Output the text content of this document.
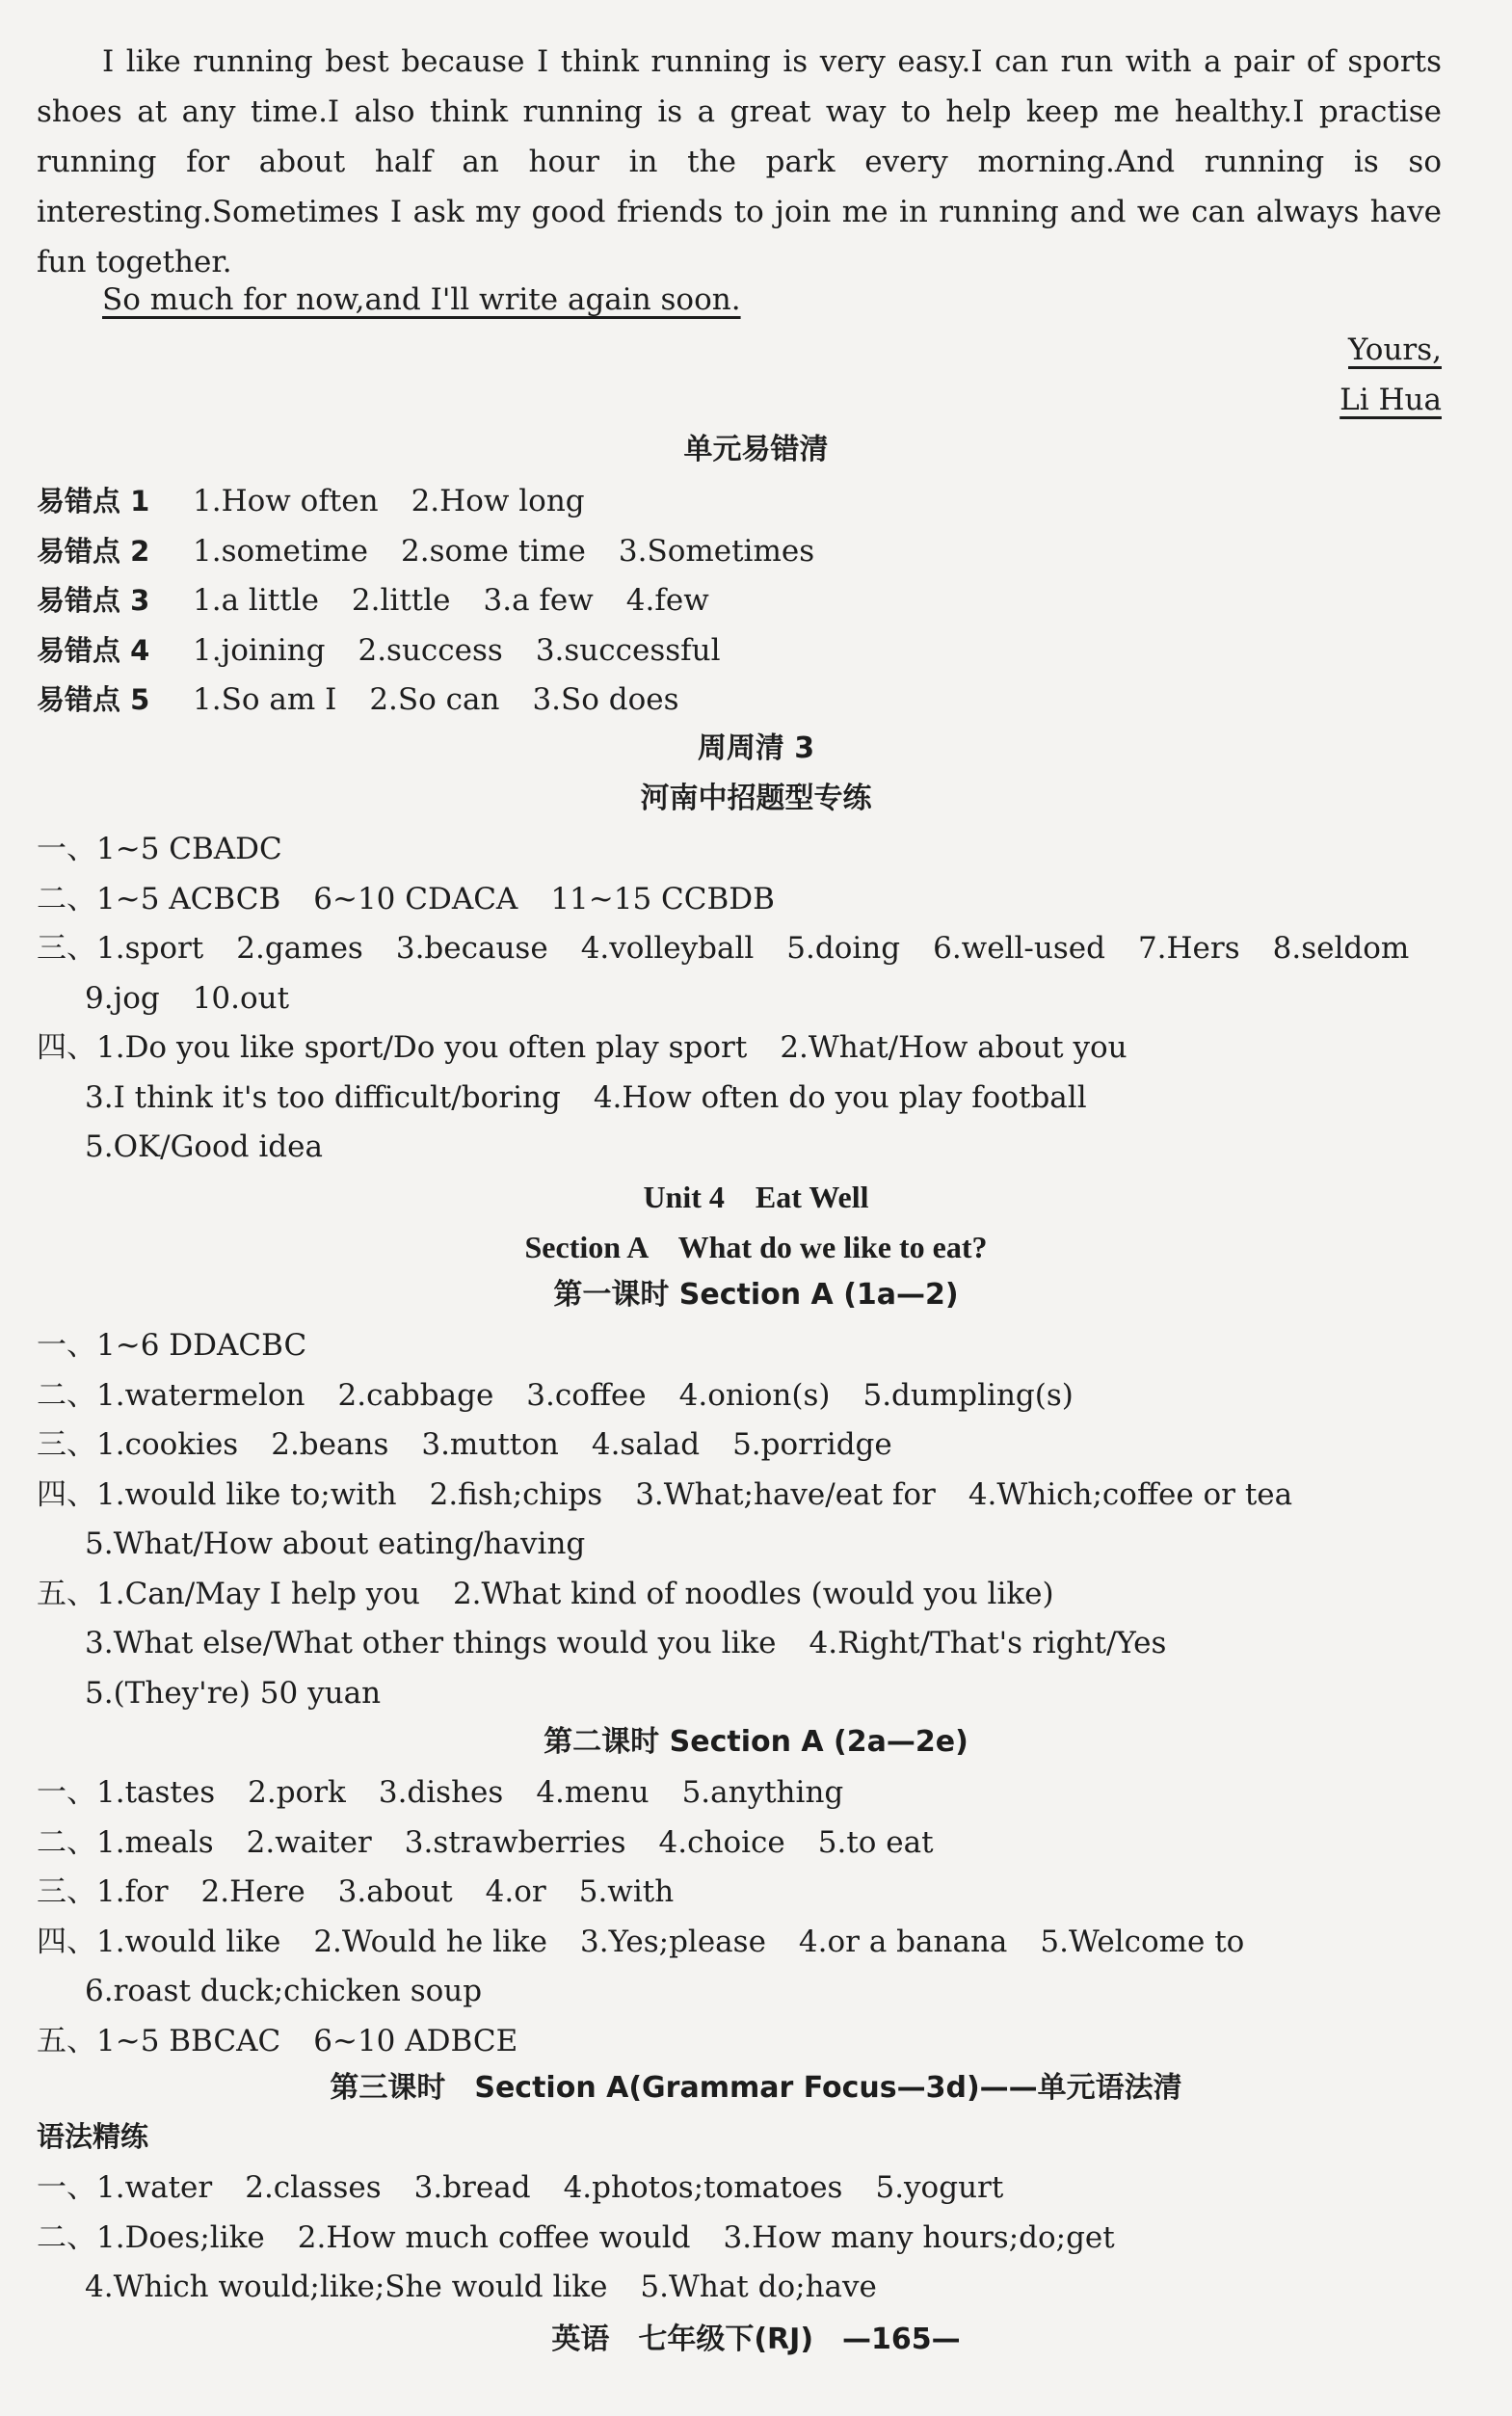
I like running best because I think running is very easy.I can run with a pair of sports shoes at any time.I also think running is a great way to help keep me healthy.I practise running for about half an hour in the park every morning.And running is so interesting.Sometimes I ask my good friends to join me in running and we can always have fun together.
So much for now,and I'll write again soon.
Yours,
Li Hua
单元易错清
易错点 1 1.How often 2.How long
易错点 2 1.sometime 2.some time 3.Sometimes
易错点 3 1.a little 2.little 3.a few 4.few
易错点 4 1.joining 2.success 3.successful
易错点 5 1.So am I 2.So can 3.So does
周周清 3
河南中招题型专练
一、1~5 CBADC
二、1~5 ACBCB 6~10 CDACA 11~15 CCBDB
三、1.sport 2.games 3.because 4.volleyball 5.doing 6.well-used 7.Hers 8.seldom
9.jog 10.out
四、1.Do you like sport/Do you often play sport 2.What/How about you
3.I think it's too difficult/boring 4.How often do you play football
5.OK/Good idea
Unit 4　Eat Well
Section A　What do we like to eat?
第一课时 Section A (1a—2)
一、1~6 DDACBC
二、1.watermelon 2.cabbage 3.coffee 4.onion(s) 5.dumpling(s)
三、1.cookies 2.beans 3.mutton 4.salad 5.porridge
四、1.would like to;with 2.fish;chips 3.What;have/eat for 4.Which;coffee or tea
5.What/How about eating/having
五、1.Can/May I help you 2.What kind of noodles (would you like)
3.What else/What other things would you like 4.Right/That's right/Yes
5.(They're) 50 yuan
第二课时 Section A (2a—2e)
一、1.tastes 2.pork 3.dishes 4.menu 5.anything
二、1.meals 2.waiter 3.strawberries 4.choice 5.to eat
三、1.for 2.Here 3.about 4.or 5.with
四、1.would like 2.Would he like 3.Yes;please 4.or a banana 5.Welcome to
6.roast duck;chicken soup
五、1~5 BBCAC 6~10 ADBCE
第三课时　Section A(Grammar Focus—3d)——单元语法清
语法精练
一、1.water 2.classes 3.bread 4.photos;tomatoes 5.yogurt
二、1.Does;like 2.How much coffee would 3.How many hours;do;get
4.Which would;like;She would like 5.What do;have
英语　七年级下(RJ)　—165—
